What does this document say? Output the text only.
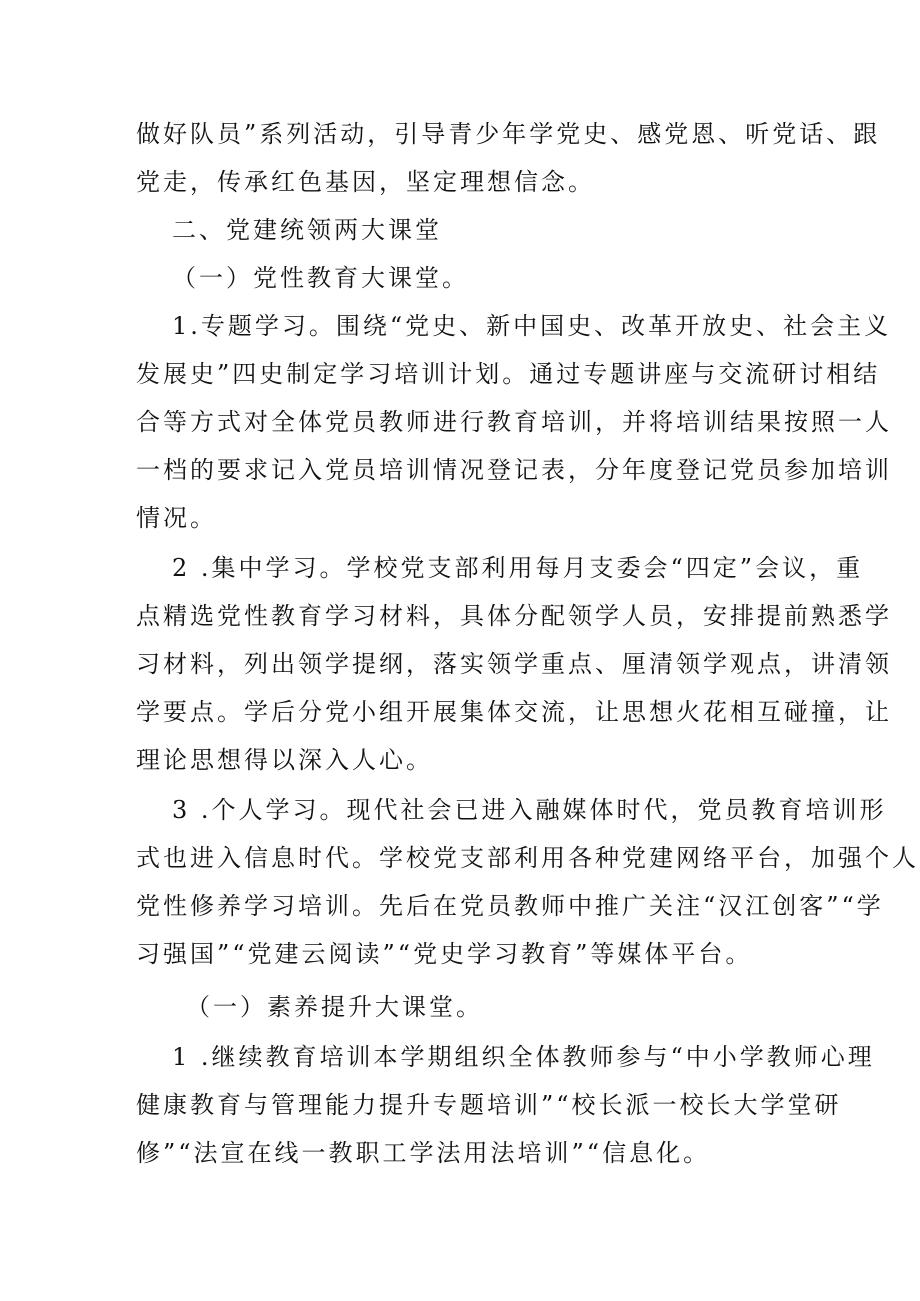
做好队员”系列活动，引导青少年学党史、感党恩、听党话、跟
党走，传承红色基因，坚定理想信念。
二、党建统领两大课堂
（一）党性教育大课堂。
1.专题学习。围绕“党史、新中国史、改革开放史、社会主义
发展史”四史制定学习培训计划。通过专题讲座与交流研讨相结
合等方式对全体党员教师进行教育培训，并将培训结果按照一人
一档的要求记入党员培训情况登记表，分年度登记党员参加培训
情况。
2 .集中学习。学校党支部利用每月支委会“四定”会议，重
点精选党性教育学习材料，具体分配领学人员，安排提前熟悉学
习材料，列出领学提纲，落实领学重点、厘清领学观点，讲清领
学要点。学后分党小组开展集体交流，让思想火花相互碰撞，让
理论思想得以深入人心。
3 .个人学习。现代社会已进入融媒体时代，党员教育培训形
式也进入信息时代。学校党支部利用各种党建网络平台，加强个人
党性修养学习培训。先后在党员教师中推广关注“汉江创客”“学
习强国”“党建云阅读”“党史学习教育”等媒体平台。
（一）素养提升大课堂。
1 .继续教育培训本学期组织全体教师参与“中小学教师心理
健康教育与管理能力提升专题培训”“校长派一校长大学堂研
修”“法宣在线一教职工学法用法培训”“信息化。
